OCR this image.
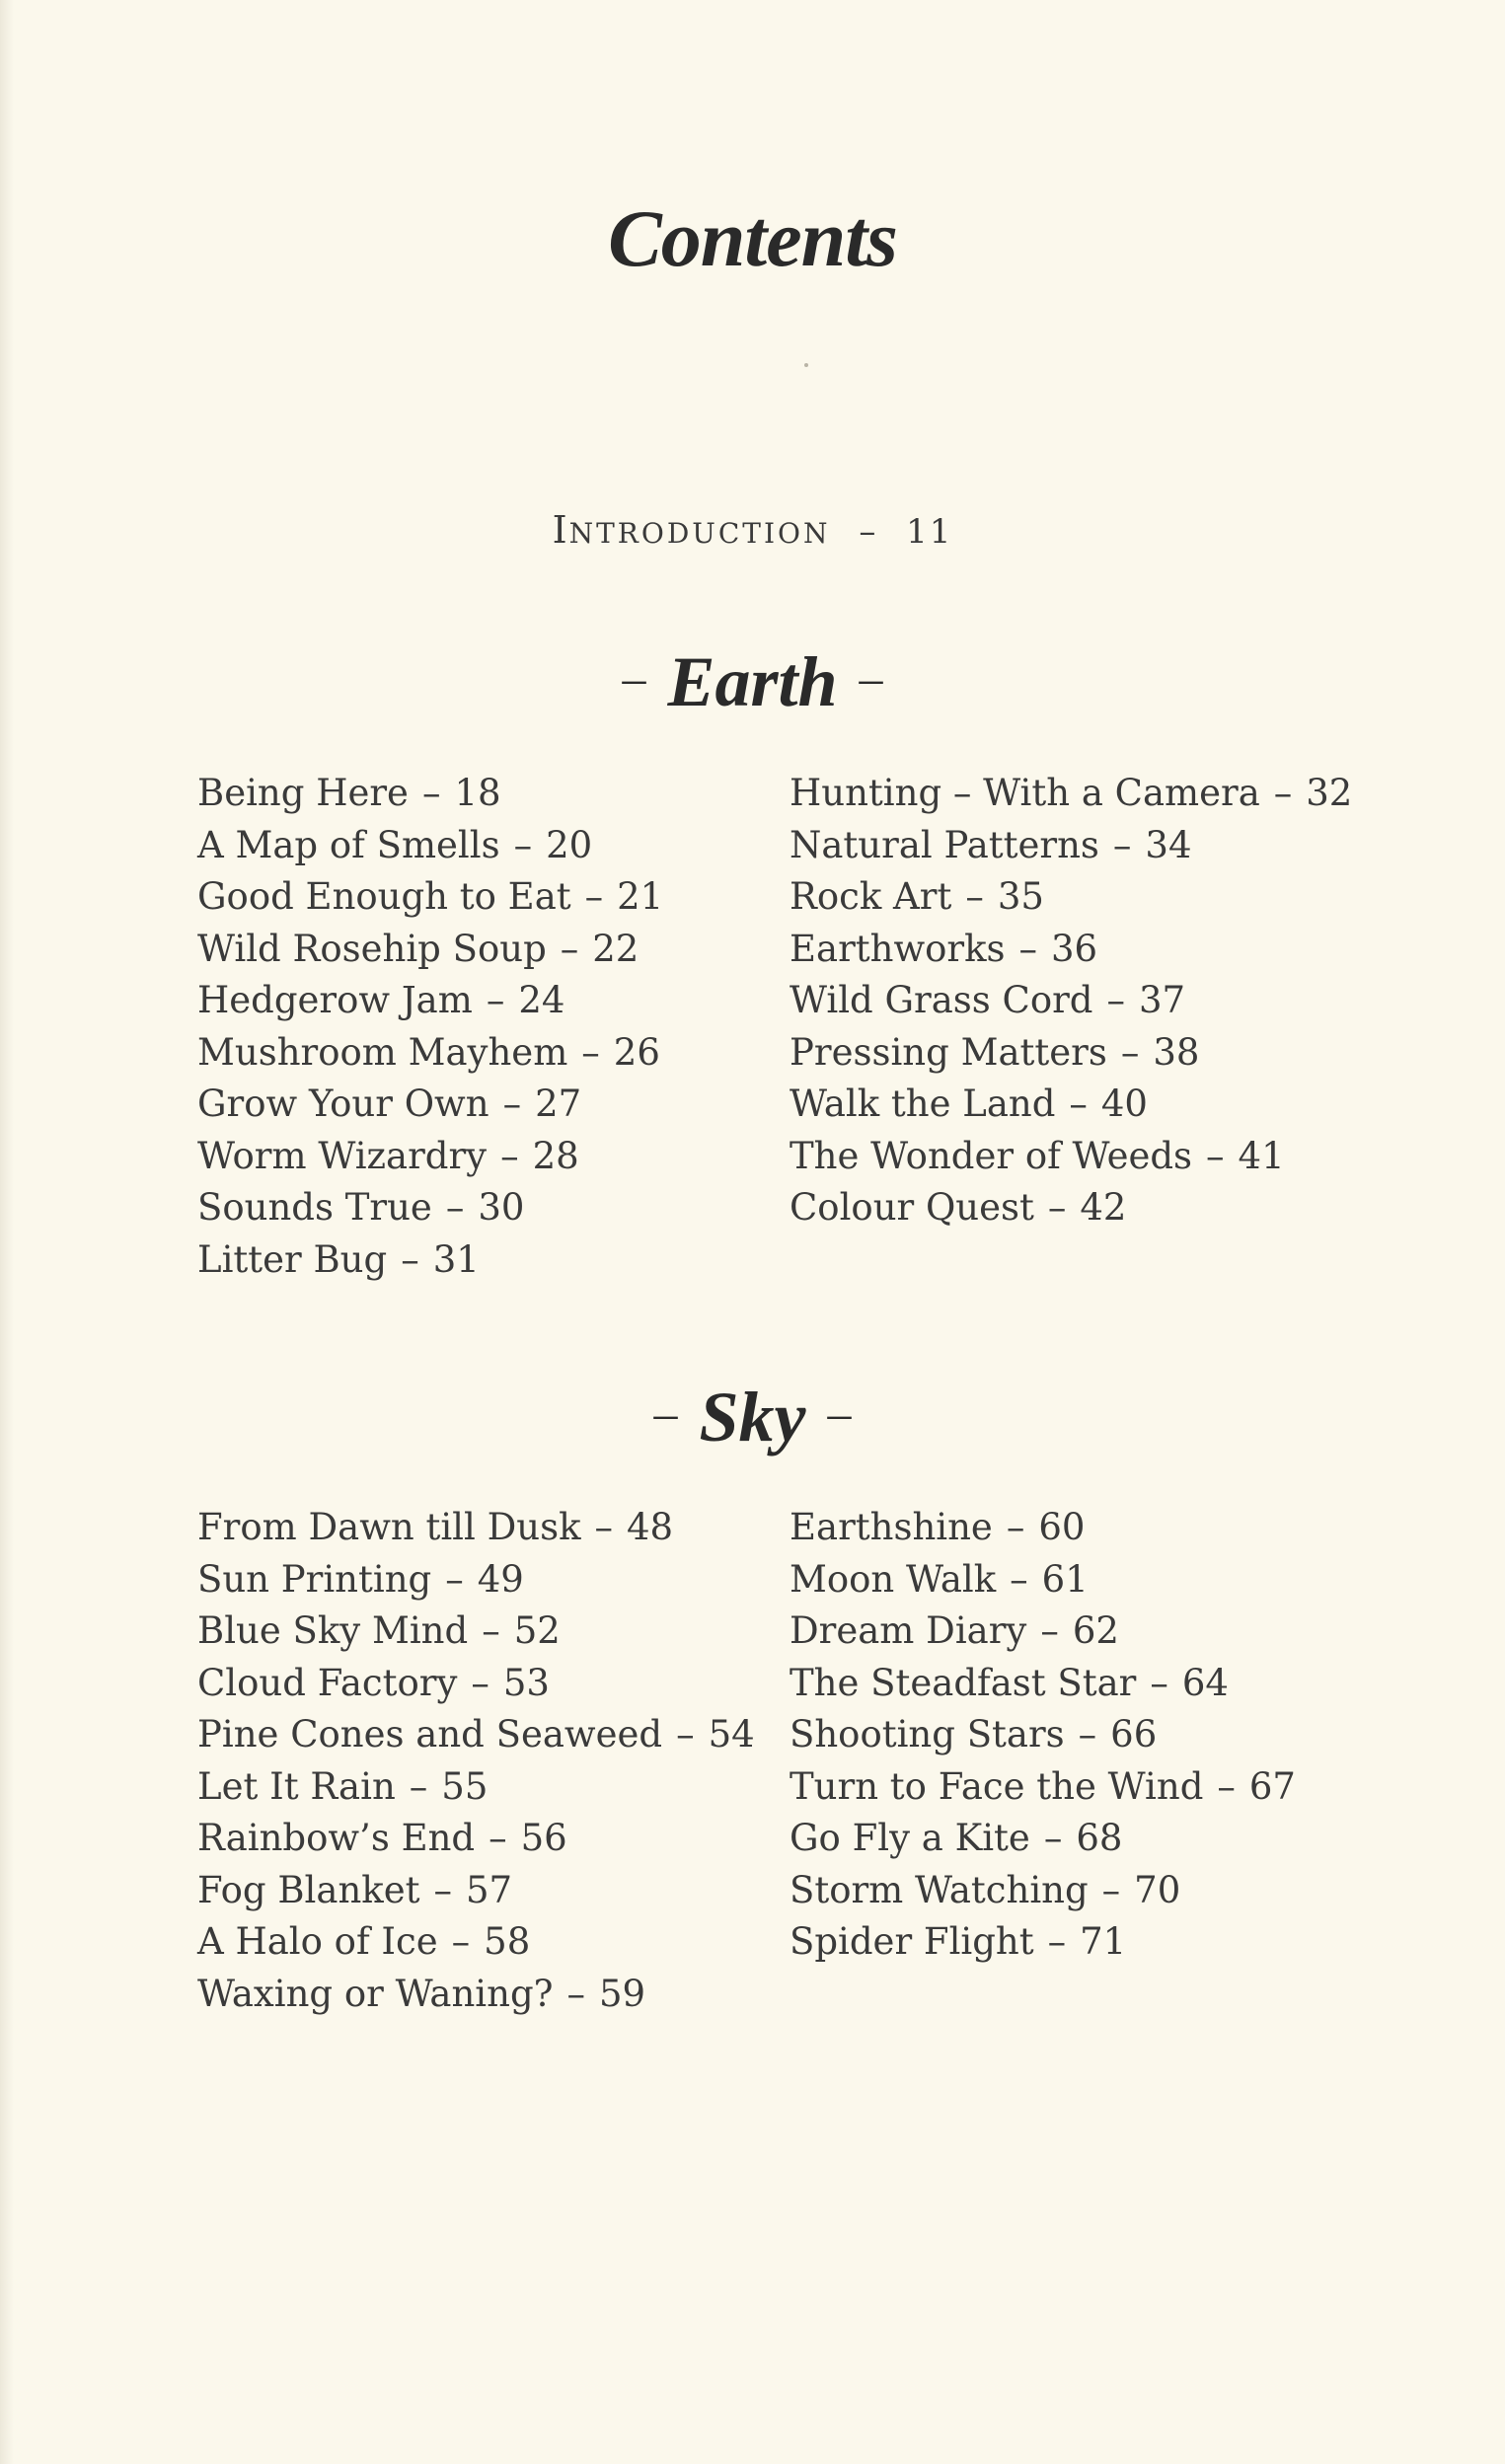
Contents
INTRODUCTION – 11
– Earth –
Being Here – 18
A Map of Smells – 20
Good Enough to Eat – 21
Wild Rosehip Soup – 22
Hedgerow Jam – 24
Mushroom Mayhem – 26
Grow Your Own – 27
Worm Wizardry – 28
Sounds True – 30
Litter Bug – 31
Hunting – With a Camera – 32
Natural Patterns – 34
Rock Art – 35
Earthworks – 36
Wild Grass Cord – 37
Pressing Matters – 38
Walk the Land – 40
The Wonder of Weeds – 41
Colour Quest – 42
– Sky –
From Dawn till Dusk – 48
Sun Printing – 49
Blue Sky Mind – 52
Cloud Factory – 53
Pine Cones and Seaweed – 54
Let It Rain – 55
Rainbow’s End – 56
Fog Blanket – 57
A Halo of Ice – 58
Waxing or Waning? – 59
Earthshine – 60
Moon Walk – 61
Dream Diary – 62
The Steadfast Star – 64
Shooting Stars – 66
Turn to Face the Wind – 67
Go Fly a Kite – 68
Storm Watching – 70
Spider Flight – 71
